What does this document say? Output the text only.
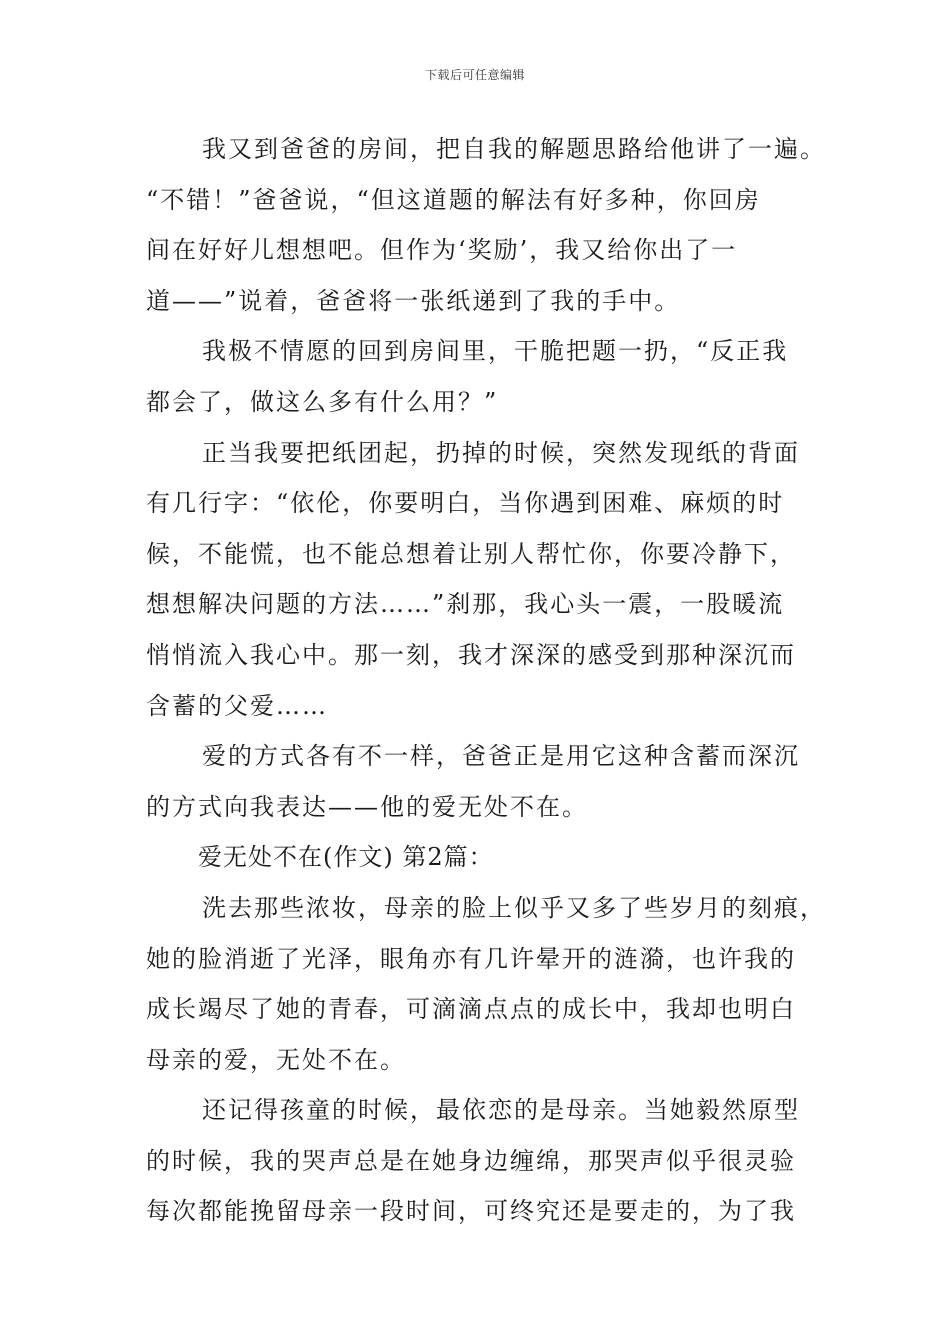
下载后可任意编辑
我又到爸爸的房间，把自我的解题思路给他讲了一遍。
“不错！”爸爸说，“但这道题的解法有好多种，你回房
间在好好儿想想吧。但作为‘奖励’，我又给你出了一
道——”说着，爸爸将一张纸递到了我的手中。
我极不情愿的回到房间里，干脆把题一扔，“反正我
都会了，做这么多有什么用？”
正当我要把纸团起，扔掉的时候，突然发现纸的背面
有几行字：“依伦，你要明白，当你遇到困难、麻烦的时
候，不能慌，也不能总想着让别人帮忙你，你要冷静下，
想想解决问题的方法……”刹那，我心头一震，一股暖流
悄悄流入我心中。那一刻，我才深深的感受到那种深沉而
含蓄的父爱……
爱的方式各有不一样，爸爸正是用它这种含蓄而深沉
的方式向我表达——他的爱无处不在。
爱无处不在(作文) 第2篇：
洗去那些浓妆，母亲的脸上似乎又多了些岁月的刻痕，
她的脸消逝了光泽，眼角亦有几许晕开的涟漪，也许我的
成长竭尽了她的青春，可滴滴点点的成长中，我却也明白
母亲的爱，无处不在。
还记得孩童的时候，最依恋的是母亲。当她毅然原型
的时候，我的哭声总是在她身边缠绵，那哭声似乎很灵验
每次都能挽留母亲一段时间，可终究还是要走的，为了我
